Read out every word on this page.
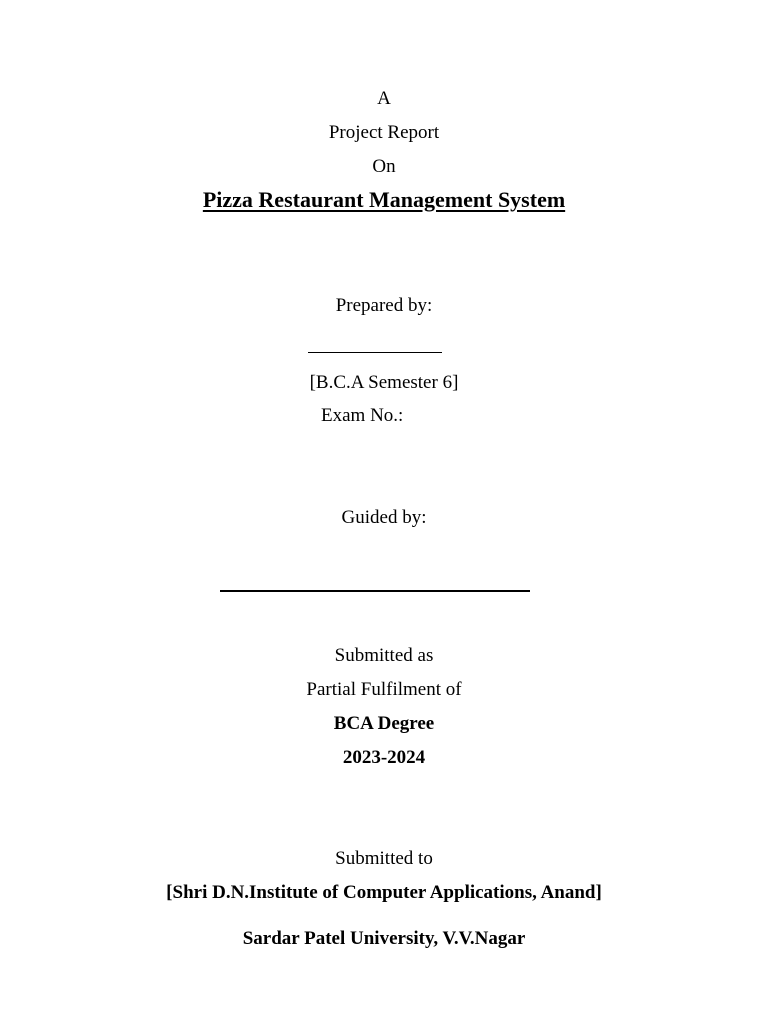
A
Project Report
On
Pizza Restaurant Management System
Prepared by:
[B.C.A Semester 6]
Exam No.:
Guided by:
Submitted as
Partial Fulfilment of
BCA Degree
2023-2024
Submitted to
[Shri D.N.Institute of Computer Applications, Anand]
Sardar Patel University, V.V.Nagar
